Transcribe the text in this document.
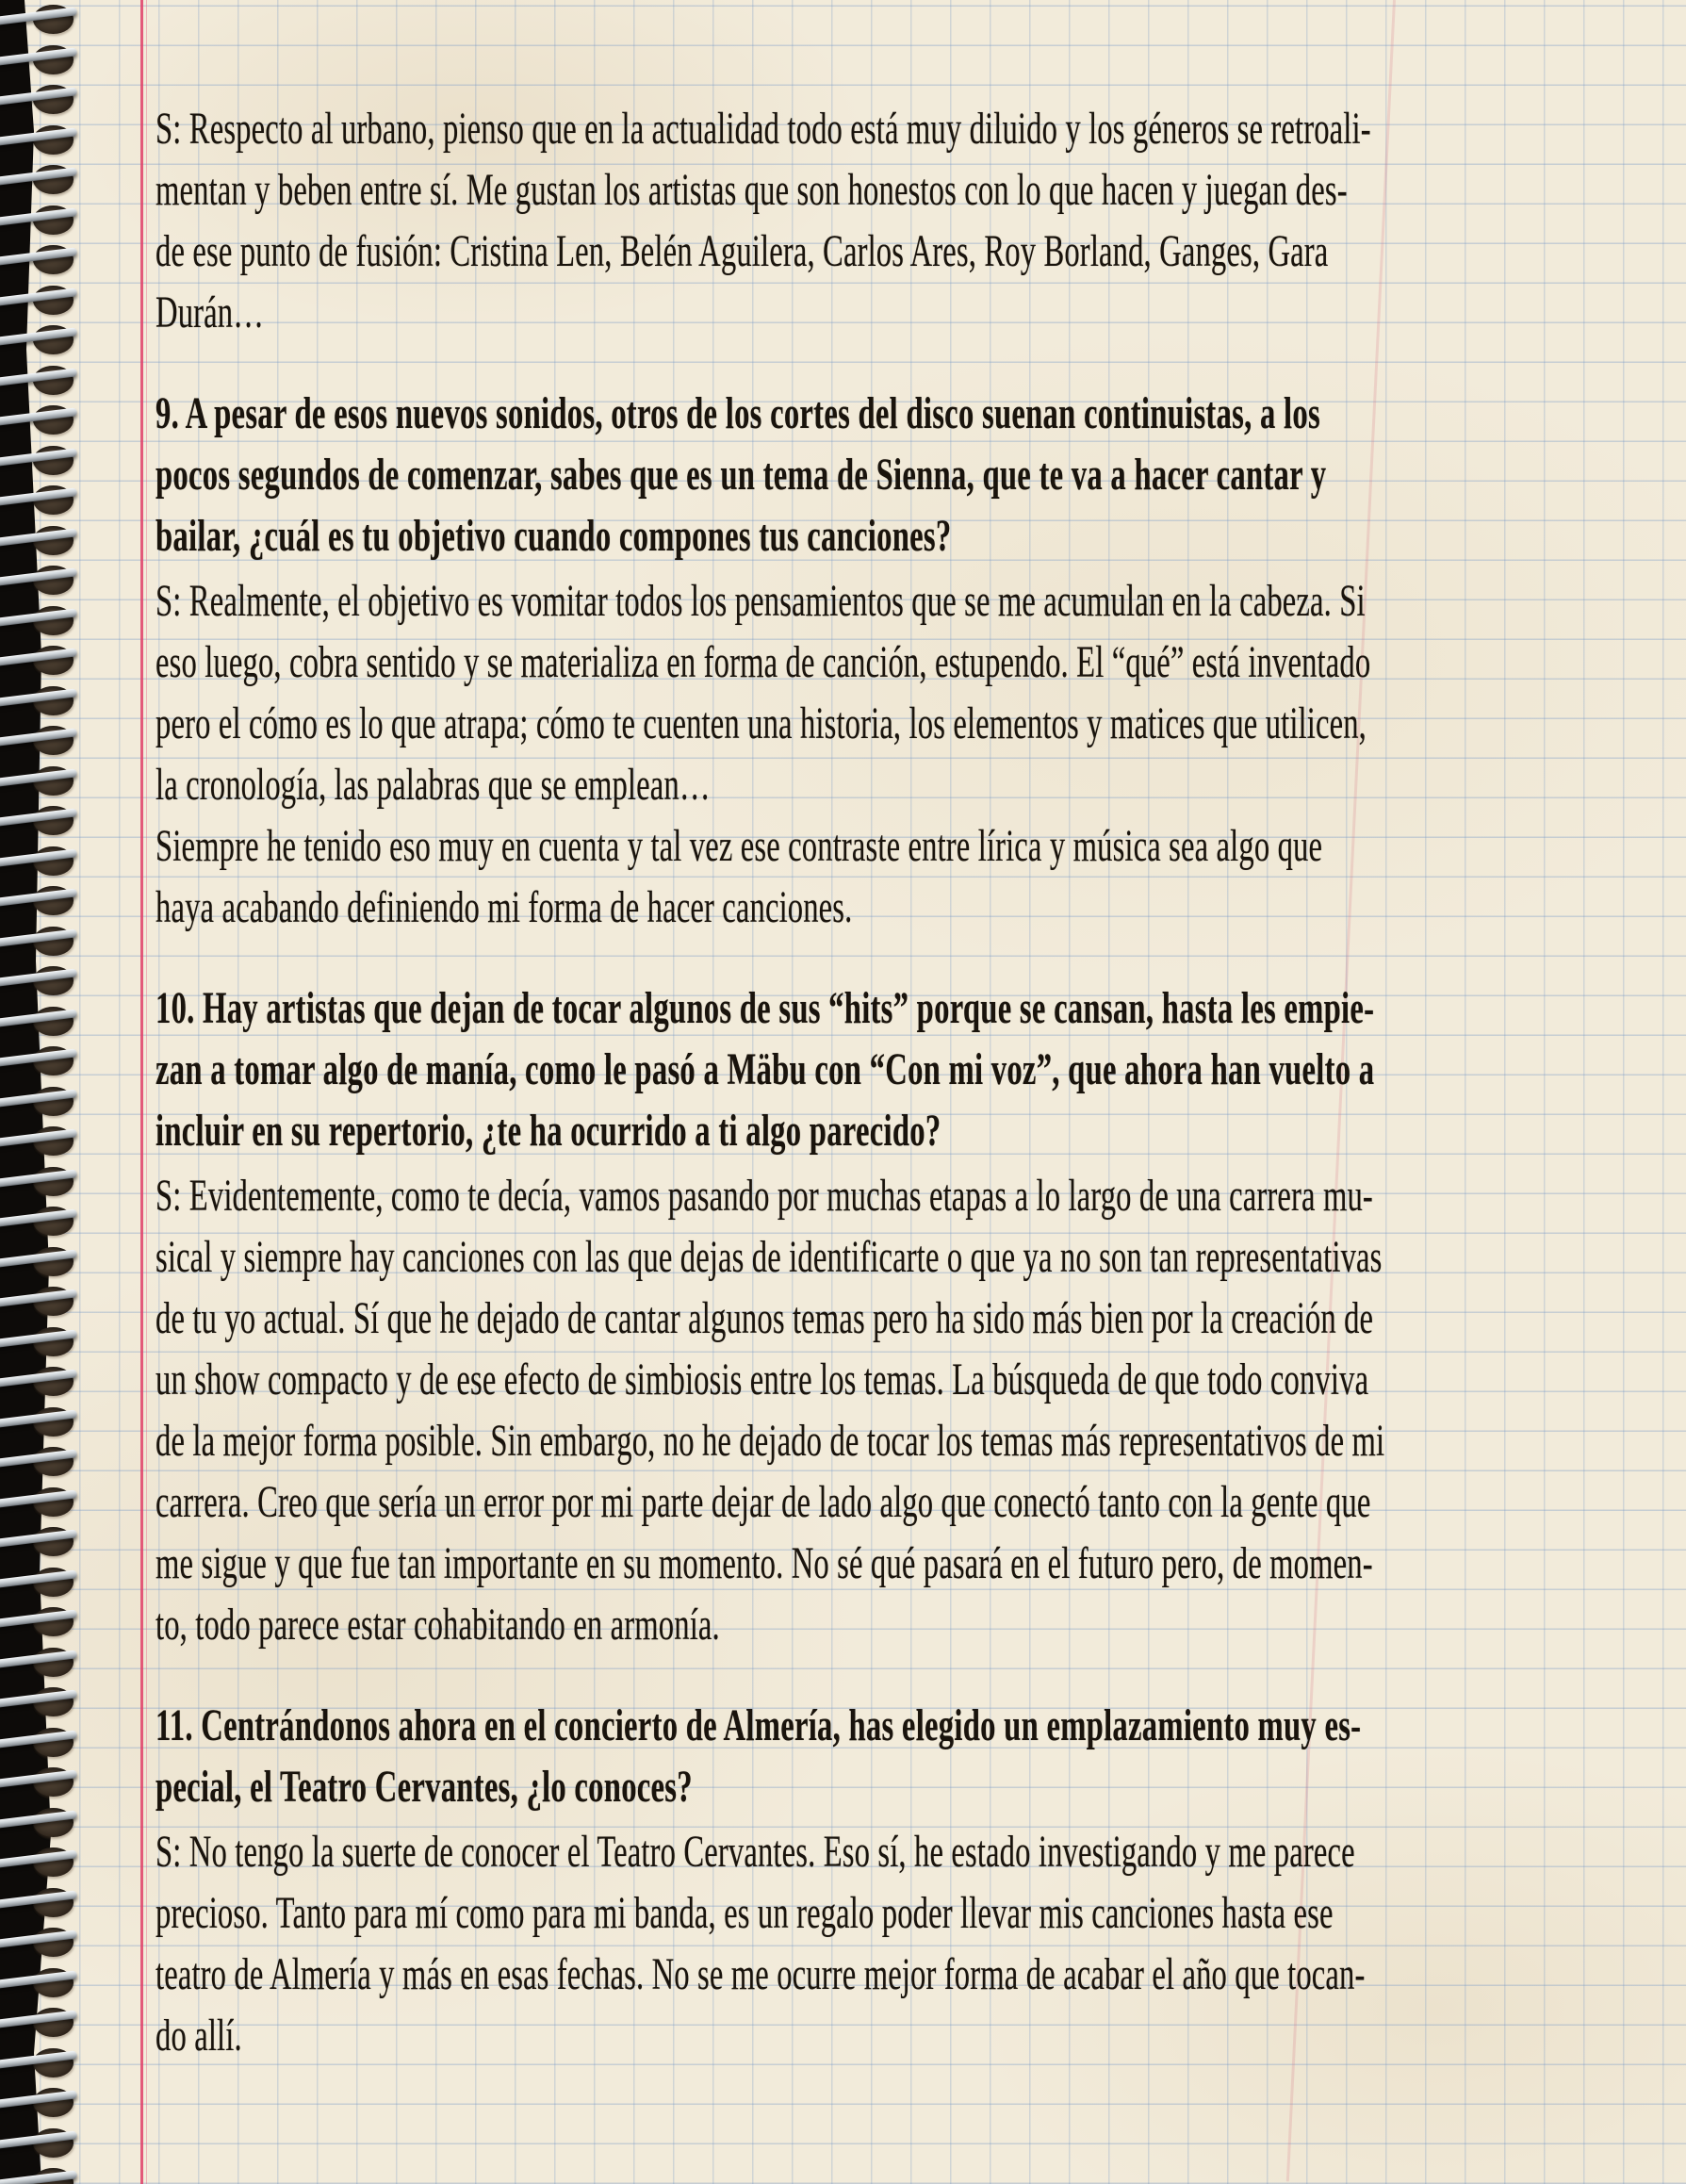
S: Respecto al urbano, pienso que en la actualidad todo está muy diluido y los géneros se retroali-
mentan y beben entre sí. Me gustan los artistas que son honestos con lo que hacen y juegan des-
de ese punto de fusión: Cristina Len, Belén Aguilera, Carlos Ares, Roy Borland, Ganges, Gara
Durán…
9. A pesar de esos nuevos sonidos, otros de los cortes del disco suenan continuistas, a los
pocos segundos de comenzar, sabes que es un tema de Sienna, que te va a hacer cantar y
bailar, ¿cuál es tu objetivo cuando compones tus canciones?
S: Realmente, el objetivo es vomitar todos los pensamientos que se me acumulan en la cabeza. Si
eso luego, cobra sentido y se materializa en forma de canción, estupendo. El “qué” está inventado
pero el cómo es lo que atrapa; cómo te cuenten una historia, los elementos y matices que utilicen,
la cronología, las palabras que se emplean…
Siempre he tenido eso muy en cuenta y tal vez ese contraste entre lírica y música sea algo que
haya acabando definiendo mi forma de hacer canciones.
10. Hay artistas que dejan de tocar algunos de sus “hits” porque se cansan, hasta les empie-
zan a tomar algo de manía, como le pasó a Mäbu con “Con mi voz”, que ahora han vuelto a
incluir en su repertorio, ¿te ha ocurrido a ti algo parecido?
S: Evidentemente, como te decía, vamos pasando por muchas etapas a lo largo de una carrera mu-
sical y siempre hay canciones con las que dejas de identificarte o que ya no son tan representativas
de tu yo actual. Sí que he dejado de cantar algunos temas pero ha sido más bien por la creación de
un show compacto y de ese efecto de simbiosis entre los temas. La búsqueda de que todo conviva
de la mejor forma posible. Sin embargo, no he dejado de tocar los temas más representativos de mi
carrera. Creo que sería un error por mi parte dejar de lado algo que conectó tanto con la gente que
me sigue y que fue tan importante en su momento. No sé qué pasará en el futuro pero, de momen-
to, todo parece estar cohabitando en armonía.
11. Centrándonos ahora en el concierto de Almería, has elegido un emplazamiento muy es-
pecial, el Teatro Cervantes, ¿lo conoces?
S: No tengo la suerte de conocer el Teatro Cervantes. Eso sí, he estado investigando y me parece
precioso. Tanto para mí como para mi banda, es un regalo poder llevar mis canciones hasta ese
teatro de Almería y más en esas fechas. No se me ocurre mejor forma de acabar el año que tocan-
do allí.
